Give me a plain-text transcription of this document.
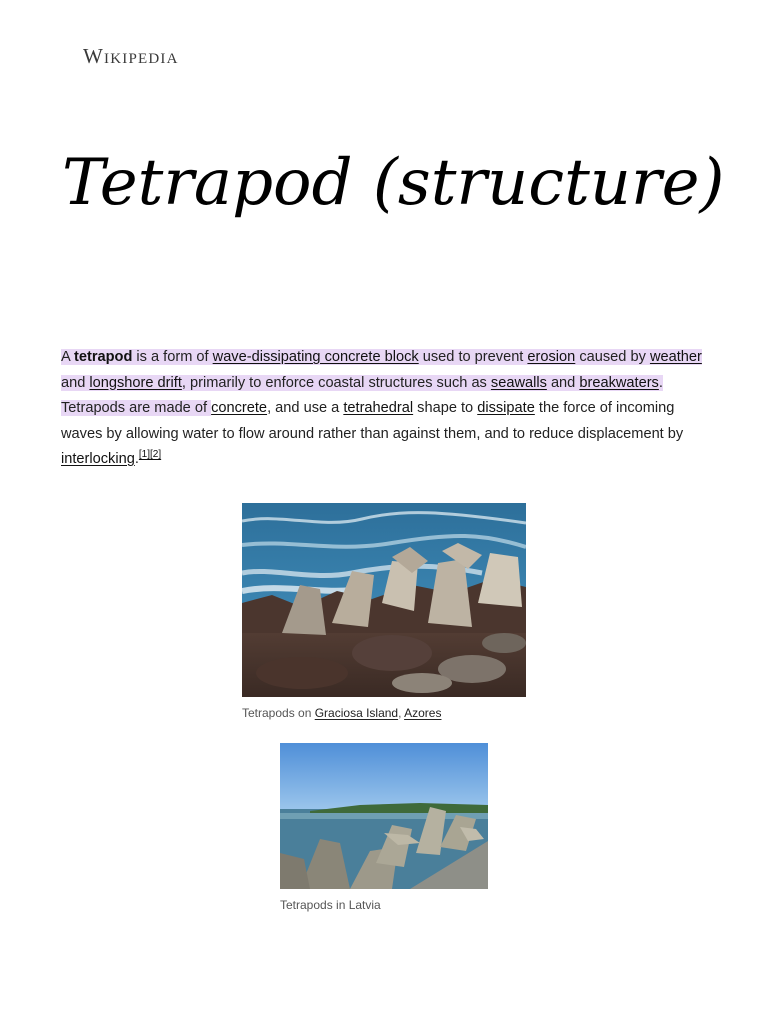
Wikipedia
Tetrapod (structure)

A tetrapod is a form of wave-dissipating concrete block used to prevent erosion caused by weather and longshore drift, primarily to enforce coastal structures such as seawalls and breakwaters. Tetrapods are made of concrete, and use a tetrahedral shape to dissipate the force of incoming waves by allowing water to flow around rather than against them, and to reduce displacement by interlocking.[1][2]

Tetrapods on Graciosa Island, Azores
Tetrapods in Latvia
